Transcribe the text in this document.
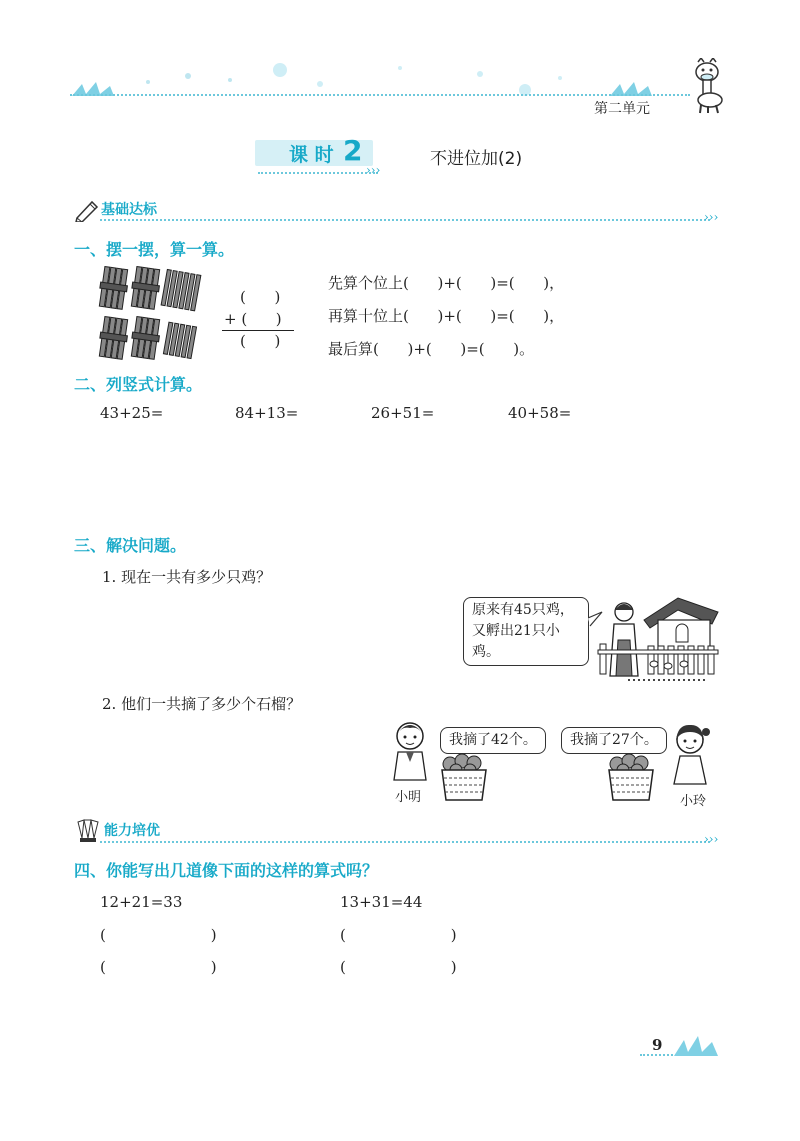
第二单元
课 时 2
›››
不进位加(2)
基础达标	›››
一、摆一摆，算一算。
(      )
+ (      )
(      )
先算个位上(      )+(      )=(      )，
再算十位上(      )+(      )=(      )，
最后算(      )+(      )=(      )。
二、列竖式计算。
43+25=	84+13=	26+51=	40+58=
三、解决问题。
1. 现在一共有多少只鸡？
原来有45只鸡，
又孵出21只小鸡。
2. 他们一共摘了多少个石榴？
我摘了42个。
小明
我摘了27个。
小玲
能力培优	›››
四、你能写出几道像下面的这样的算式吗？
12+21=33	13+31=44
(                      )	(                      )
(                      )	(                      )
9
